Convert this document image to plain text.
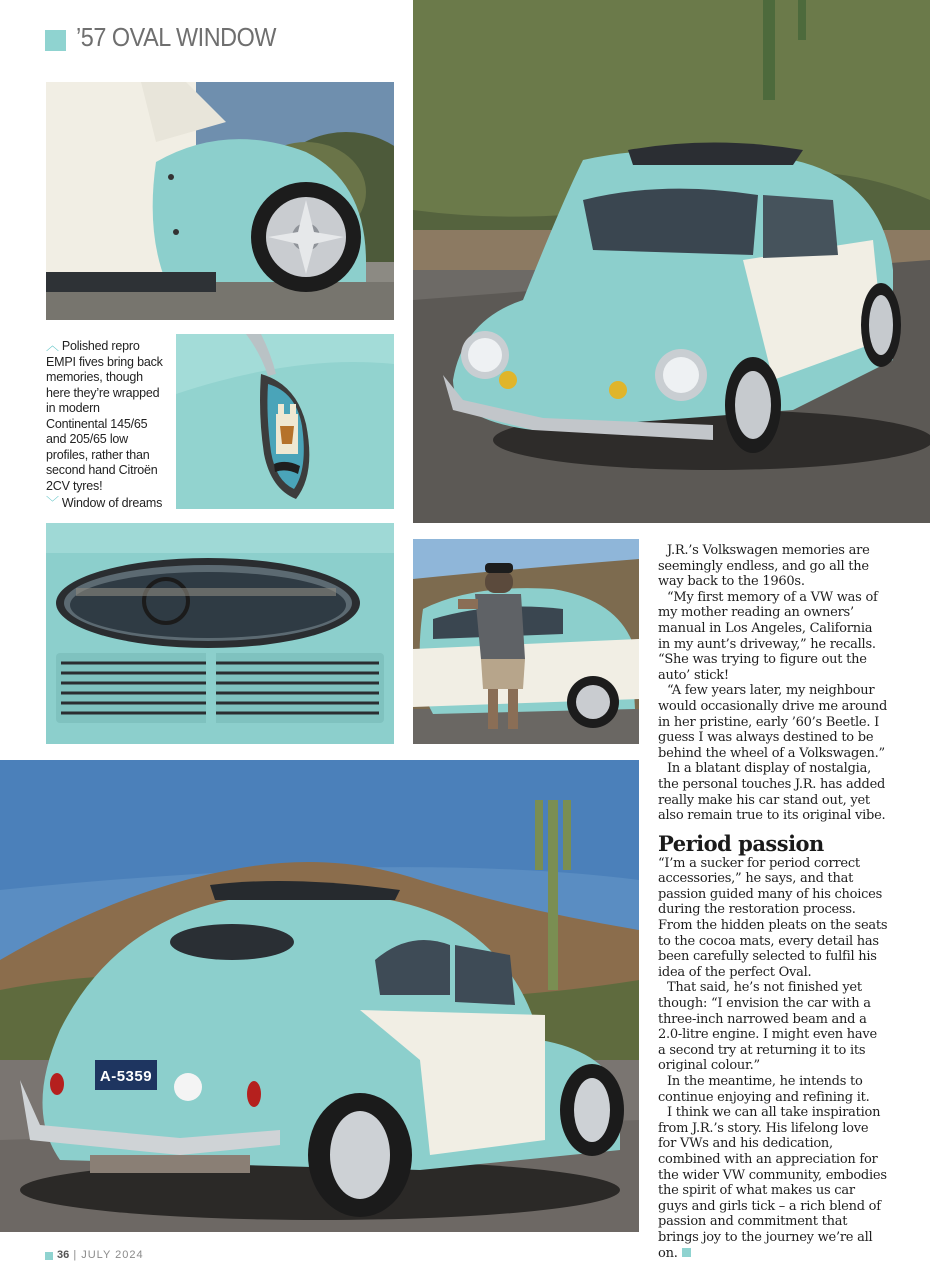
’57 OVAL WINDOW
︿ Polished repro EMPI fives bring back memories, though here they’re wrapped in modern Continental 145/65 and 205/65 low profiles, rather than second hand Citroën 2CV tyres!
﹀ Window of dreams
A-5359

J.R.’s Volkswagen memories are seemingly endless, and go all the way back to the 1960s.

“My first memory of a VW was of my mother reading an owners’ manual in Los Angeles, California in my aunt’s driveway,” he recalls. “She was trying to figure out the auto’ stick!

“A few years later, my neighbour would occasionally drive me around in her pristine, early ’60’s Beetle. I guess I was always destined to be behind the wheel of a Volkswagen.”

In a blatant display of nostalgia, the personal touches J.R. has added really make his car stand out, yet also remain true to its original vibe.

Period passion

“I’m a sucker for period correct accessories,” he says, and that passion guided many of his choices during the restoration process. From the hidden pleats on the seats to the cocoa mats, every detail has been carefully selected to fulfil his idea of the perfect Oval.

That said, he’s not finished yet though: “I envision the car with a three-inch narrowed beam and a 2.0-litre engine. I might even have a second try at returning it to its original colour.”

In the meantime, he intends to continue enjoying and refining it.

I think we can all take inspiration from J.R.’s story. His lifelong love for VWs and his dedication, combined with an appreciation for the wider VW community, embodies the spirit of what makes us car guys and girls tick – a rich blend of passion and commitment that brings joy to the journey we’re all on.

36 | JULY 2024
